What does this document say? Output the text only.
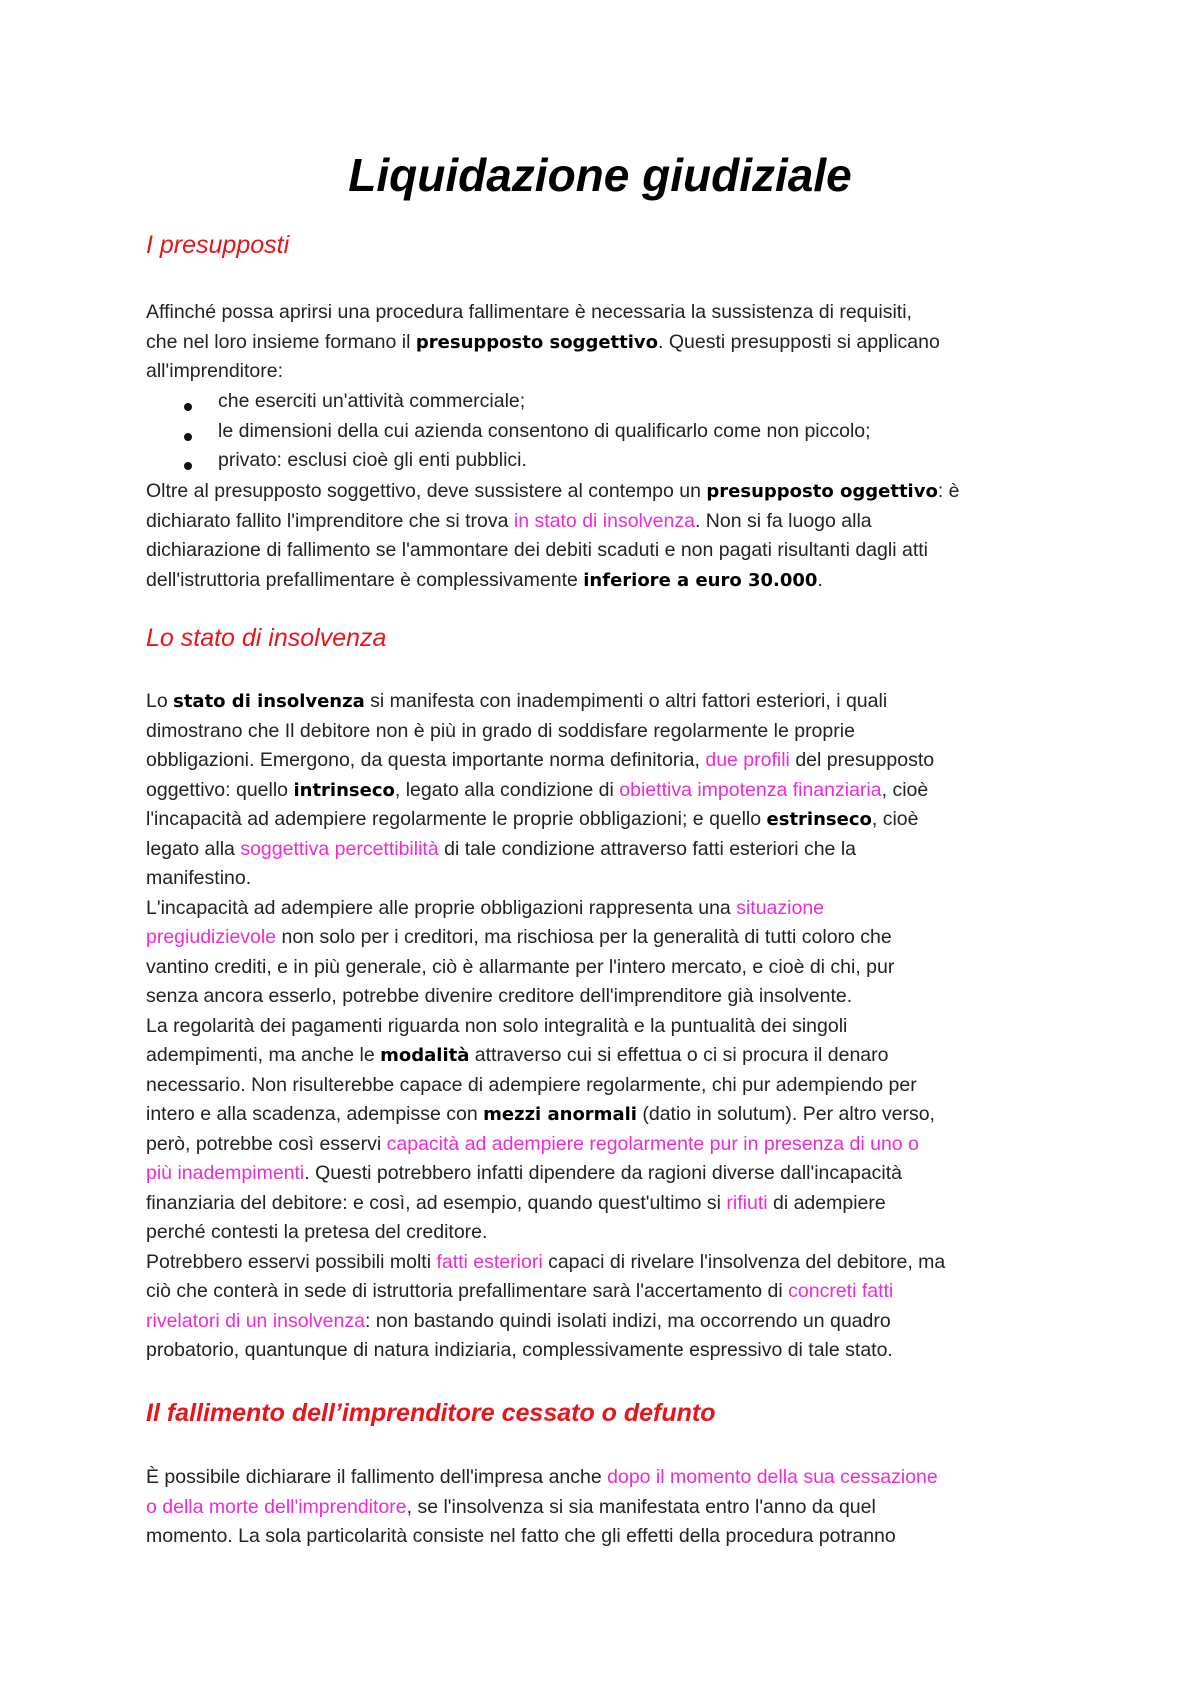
Liquidazione giudiziale
I presupposti

Affinché possa aprirsi una procedura fallimentare è necessaria la sussistenza di requisiti,

che nel loro insieme formano il presupposto soggettivo. Questi presupposti si applicano

all'imprenditore:

che eserciti un'attività commerciale;

le dimensioni della cui azienda consentono di qualificarlo come non piccolo;

privato: esclusi cioè gli enti pubblici.

Oltre al presupposto soggettivo, deve sussistere al contempo un presupposto oggettivo: è

dichiarato fallito l'imprenditore che si trova in stato di insolvenza. Non si fa luogo alla

dichiarazione di fallimento se l'ammontare dei debiti scaduti e non pagati risultanti dagli atti

dell'istruttoria prefallimentare è complessivamente inferiore a euro 30.000.

Lo stato di insolvenza

Lo stato di insolvenza si manifesta con inadempimenti o altri fattori esteriori, i quali

dimostrano che Il debitore non è più in grado di soddisfare regolarmente le proprie

obbligazioni. Emergono, da questa importante norma definitoria, due profili del presupposto

oggettivo: quello intrinseco, legato alla condizione di obiettiva impotenza finanziaria, cioè

l'incapacità ad adempiere regolarmente le proprie obbligazioni; e quello estrinseco, cioè

legato alla soggettiva percettibilità di tale condizione attraverso fatti esteriori che la

manifestino.

L'incapacità ad adempiere alle proprie obbligazioni rappresenta una situazione

pregiudizievole non solo per i creditori, ma rischiosa per la generalità di tutti coloro che

vantino crediti, e in più generale, ciò è allarmante per l'intero mercato, e cioè di chi, pur

senza ancora esserlo, potrebbe divenire creditore dell'imprenditore già insolvente.

La regolarità dei pagamenti riguarda non solo integralità e la puntualità dei singoli

adempimenti, ma anche le modalità attraverso cui si effettua o ci si procura il denaro

necessario. Non risulterebbe capace di adempiere regolarmente, chi pur adempiendo per

intero e alla scadenza, adempisse con mezzi anormali (datio in solutum). Per altro verso,

però, potrebbe così esservi capacità ad adempiere regolarmente pur in presenza di uno o

più inadempimenti. Questi potrebbero infatti dipendere da ragioni diverse dall'incapacità

finanziaria del debitore: e così, ad esempio, quando quest'ultimo si rifiuti di adempiere

perché contesti la pretesa del creditore.

Potrebbero esservi possibili molti fatti esteriori capaci di rivelare l'insolvenza del debitore, ma

ciò che conterà in sede di istruttoria prefallimentare sarà l'accertamento di concreti fatti

rivelatori di un insolvenza: non bastando quindi isolati indizi, ma occorrendo un quadro

probatorio, quantunque di natura indiziaria, complessivamente espressivo di tale stato.

Il fallimento dell’imprenditore cessato o defunto

È possibile dichiarare il fallimento dell'impresa anche dopo il momento della sua cessazione

o della morte dell'imprenditore, se l'insolvenza si sia manifestata entro l'anno da quel

momento. La sola particolarità consiste nel fatto che gli effetti della procedura potranno
